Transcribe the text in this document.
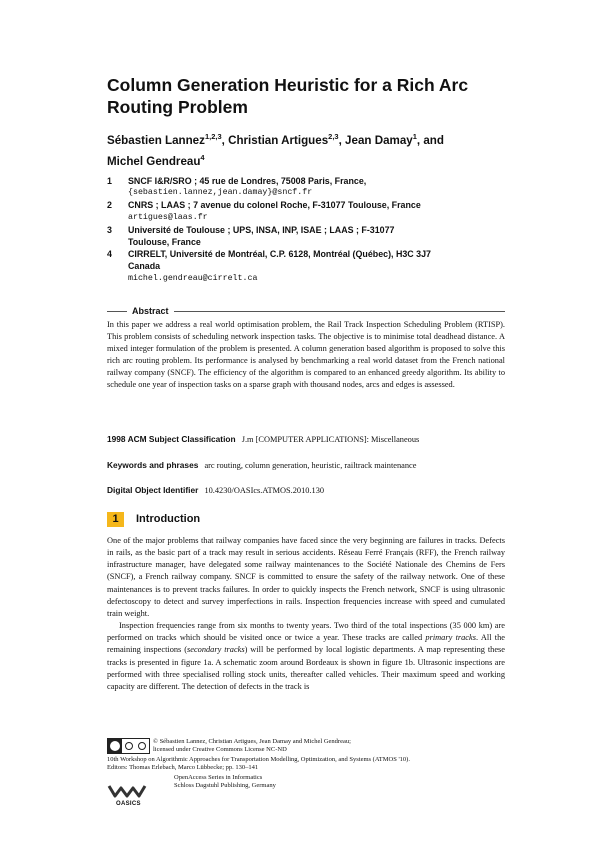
Column Generation Heuristic for a Rich Arc
Routing Problem
Sébastien Lannez$^{1,2,3}$, Christian Artigues$^{2,3}$, Jean Damay$^1$, and
Michel Gendreau$^4$
1	SNCF I&R/SRO ; 45 rue de Londres, 75008 Paris, France,
{sebastien.lannez,jean.damay}@sncf.fr
2	CNRS ; LAAS ; 7 avenue du colonel Roche, F-31077 Toulouse, France
artigues@laas.fr
3	Université de Toulouse ; UPS, INSA, INP, ISAE ; LAAS ; F-31077
Toulouse, France
4	CIRRELT, Université de Montréal, C.P. 6128, Montréal (Québec), H3C 3J7
Canada
michel.gendreau@cirrelt.ca
Abstract

In this paper we address a real world optimisation problem, the Rail Track Inspection Scheduling Problem (RTISP). This problem consists of scheduling network inspection tasks. The objective is to minimise total deadhead distance. A mixed integer formulation of the problem is presented. A column generation based algorithm is proposed to solve this rich arc routing problem. Its performance is analysed by benchmarking a real world dataset from the French national railway company (SNCF). The efficiency of the algorithm is compared to an enhanced greedy algorithm. Its ability to schedule one year of inspection tasks on a sparse graph with thousand nodes, arcs and edges is assessed.

1998 ACM Subject Classification J.m [COMPUTER APPLICATIONS]: Miscellaneous
Keywords and phrases arc routing, column generation, heuristic, railtrack maintenance
Digital Object Identifier 10.4230/OASIcs.ATMOS.2010.130
1	Introduction

One of the major problems that railway companies have faced since the very beginning are failures in tracks. Defects in rails, as the basic part of a track may result in serious accidents. Réseau Ferré Français (RFF), the French railway infrastructure manager, have delegated some railway maintenances to the Société Nationale des Chemins de Fers (SNCF), a French railway company. SNCF is committed to ensure the safety of the railway network. One of these maintenances is to prevent tracks failures. In order to quickly inspects the French network, SNCF is using ultrasonic defectoscopy to detect and survey imperfections in rails. Inspection frequencies increase with speed and cumulated train weight.

Inspection frequencies range from six months to twenty years. Two third of the total inspections (35 000 km) are performed on tracks which should be visited once or twice a year. These tracks are called primary tracks. All the remaining inspections (secondary tracks) will be performed by local logistic departments. A map representing these tracks is presented in figure 1a. A schematic zoom around Bordeaux is shown in figure 1b. Ultrasonic inspections are performed with three specialised rolling stock units, thereafter called vehicles. Their maximum speed and working capacity are different. The detection of defects in the track is

© Sébastien Lannez, Christian Artigues, Jean Damay and Michel Gendreau;
licensed under Creative Commons License NC-ND
10th Workshop on Algorithmic Approaches for Transportation Modelling, Optimization, and Systems (ATMOS '10).
Editors: Thomas Erlebach, Marco Lübbecke; pp. 130–141
OpenAccess Series in Informatics
Schloss Dagstuhl Publishing, Germany
OASICS
